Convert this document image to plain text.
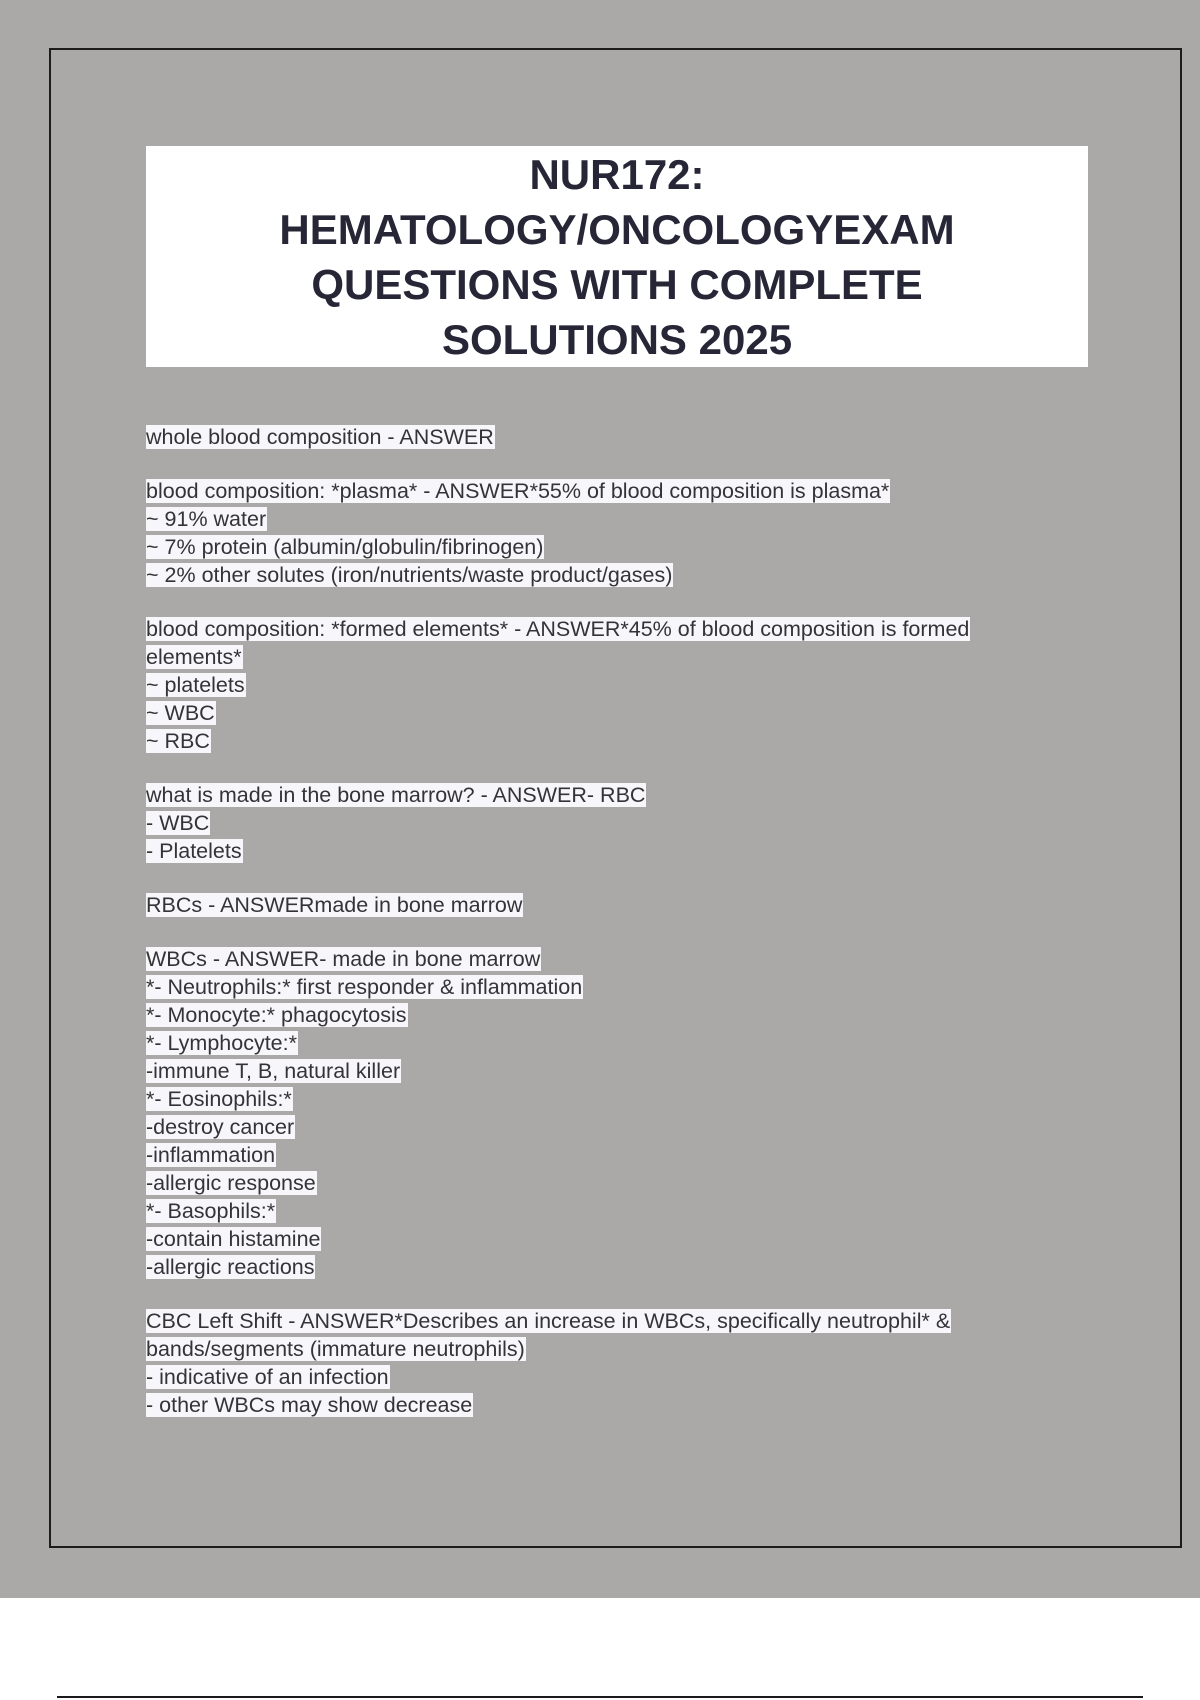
NUR172:
HEMATOLOGY/ONCOLOGYEXAM
QUESTIONS WITH COMPLETE
SOLUTIONS 2025
whole blood composition - ANSWER
blood composition: *plasma* - ANSWER*55% of blood composition is plasma*
~ 91% water
~ 7% protein (albumin/globulin/fibrinogen)
~ 2% other solutes (iron/nutrients/waste product/gases)
blood composition: *formed elements* - ANSWER*45% of blood composition is formed
elements*
~ platelets
~ WBC
~ RBC
what is made in the bone marrow? - ANSWER- RBC
- WBC
- Platelets
RBCs - ANSWERmade in bone marrow
WBCs - ANSWER- made in bone marrow
*- Neutrophils:* first responder & inflammation
*- Monocyte:* phagocytosis
*- Lymphocyte:*
-immune T, B, natural killer
*- Eosinophils:*
-destroy cancer
-inflammation
-allergic response
*- Basophils:*
-contain histamine
-allergic reactions
CBC Left Shift - ANSWER*Describes an increase in WBCs, specifically neutrophil* &
bands/segments (immature neutrophils)
- indicative of an infection
- other WBCs may show decrease
